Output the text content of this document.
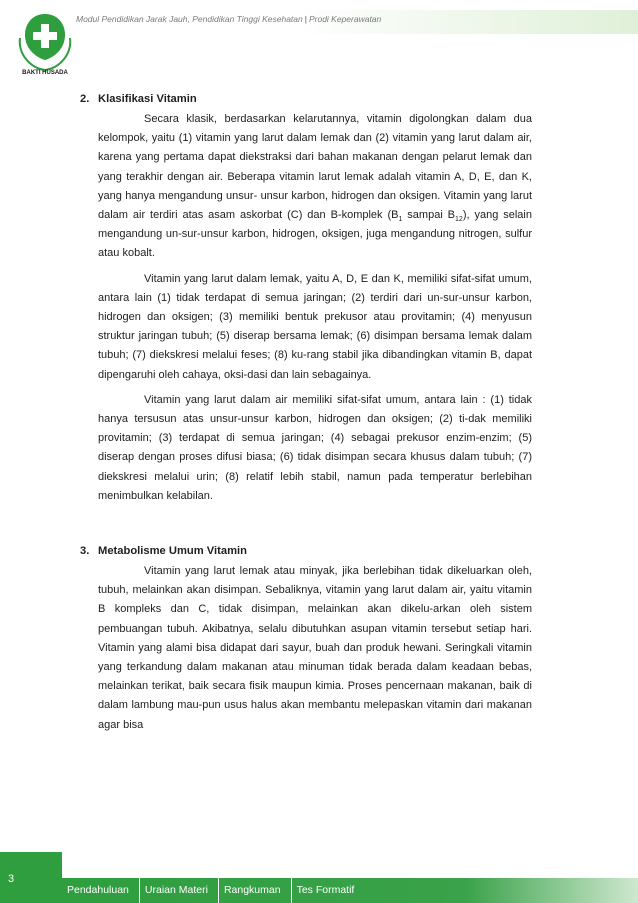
BAKTI HUSADA
Modul Pendidikan Jarak Jauh, Pendidikan Tinggi Kesehatan | Prodi Keperawatan
2. Klasifikasi Vitamin

Secara klasik, berdasarkan kelarutannya, vitamin digolongkan dalam dua kelompok, yaitu (1) vitamin yang larut dalam lemak dan (2) vitamin yang larut dalam air, karena yang pertama dapat diekstraksi dari bahan makanan dengan pelarut lemak dan yang terakhir dengan air. Beberapa vitamin larut lemak adalah vitamin A, D, E, dan K, yang hanya mengandung unsur- unsur karbon, hidrogen dan oksigen. Vitamin yang larut dalam air terdiri atas asam askorbat (C) dan B-komplek ($B_1$ sampai $B_{12}$), yang selain mengandung un-sur-unsur karbon, hidrogen, oksigen, juga mengandung nitrogen, sulfur atau kobalt.

Vitamin yang larut dalam lemak, yaitu A, D, E dan K, memiliki sifat-sifat umum, antara lain (1) tidak terdapat di semua jaringan; (2) terdiri dari un-sur-unsur karbon, hidrogen dan oksigen; (3) memiliki bentuk prekusor atau provitamin; (4) menyusun struktur jaringan tubuh; (5) diserap bersama lemak; (6) disimpan bersama lemak dalam tubuh; (7) diekskresi melalui feses; (8) ku-rang stabil jika dibandingkan vitamin B, dapat dipengaruhi oleh cahaya, oksi-dasi dan lain sebagainya.

Vitamin yang larut dalam air memiliki sifat-sifat umum, antara lain : (1) tidak hanya tersusun atas unsur-unsur karbon, hidrogen dan oksigen; (2) ti-dak memiliki provitamin; (3) terdapat di semua jaringan; (4) sebagai prekusor enzim-enzim; (5) diserap dengan proses difusi biasa; (6) tidak disimpan secara khusus dalam tubuh; (7) diekskresi melalui urin; (8) relatif lebih stabil, namun pada temperatur berlebihan menimbulkan kelabilan.

3. Metabolisme Umum Vitamin

Vitamin yang larut lemak atau minyak, jika berlebihan tidak dikeluarkan oleh, tubuh, melainkan akan disimpan. Sebaliknya, vitamin yang larut dalam air, yaitu vitamin B kompleks dan C, tidak disimpan, melainkan akan dikelu-arkan oleh sistem pembuangan tubuh. Akibatnya, selalu dibutuhkan asupan vitamin tersebut setiap hari. Vitamin yang alami bisa didapat dari sayur, buah dan produk hewani. Seringkali vitamin yang terkandung dalam makanan atau minuman tidak berada dalam keadaan bebas, melainkan terikat, baik secara fisik maupun kimia. Proses pencernaan makanan, baik di dalam lambung mau-pun usus halus akan membantu melepaskan vitamin dari makanan agar bisa

3
Pendahuluan	Uraian Materi	Rangkuman	Tes Formatif
